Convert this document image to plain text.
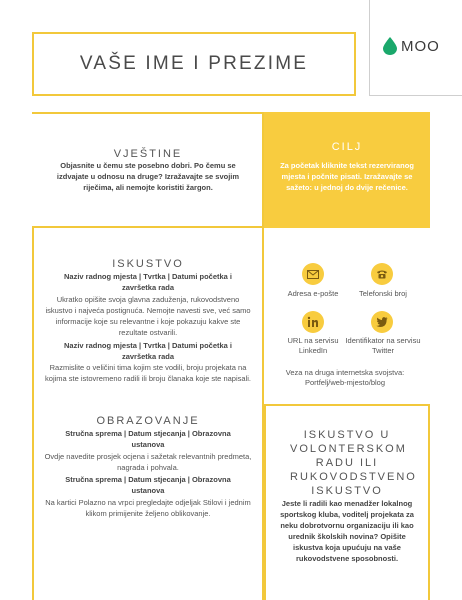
VAŠE IME I PREZIME
MOO
VJEŠTINE
Objasnite u čemu ste posebno dobri. Po čemu se izdvajate u odnosu na druge? Izražavajte se svojim riječima, ali nemojte koristiti žargon.
CILJ
Za početak kliknite tekst rezerviranog mjesta i počnite pisati. Izražavajte se sažeto: u jednoj do dvije rečenice.
ISKUSTVO
Naziv radnog mjesta | Tvrtka | Datumi početka i završetka rada
Ukratko opišite svoja glavna zaduženja, rukovodstveno iskustvo i najveća postignuća. Nemojte navesti sve, već samo informacije koje su relevantne i koje pokazuju kakve ste rezultate ostvarili.
Naziv radnog mjesta | Tvrtka | Datumi početka i završetka rada
Razmislite o veličini tima kojim ste vodili, broju projekata na kojima ste istovremeno radili ili broju članaka koje ste napisali.
OBRAZOVANJE
Stručna sprema | Datum stjecanja | Obrazovna ustanova
Ovdje navedite prosjek ocjena i sažetak relevantnih predmeta, nagrada i pohvala.
Stručna sprema | Datum stjecanja | Obrazovna ustanova
Na kartici Polazno na vrpci pregledajte odjeljak Stilovi i jednim klikom primijenite željeno oblikovanje.
Adresa e-pošte	Telefonski broj
URL na servisu LinkedIn
Identifikator na servisu Twitter
Veza na druga internetska svojstva: Portfelj/web-mjesto/blog
ISKUSTVO U VOLONTERSKOM RADU ILI RUKOVODSTVENO ISKUSTVO
Jeste li radili kao menadžer lokalnog sportskog kluba, voditelj projekata za neku dobrotvornu organizaciju ili kao urednik školskih novina? Opišite iskustva koja upućuju na vaše rukovodstvene sposobnosti.
